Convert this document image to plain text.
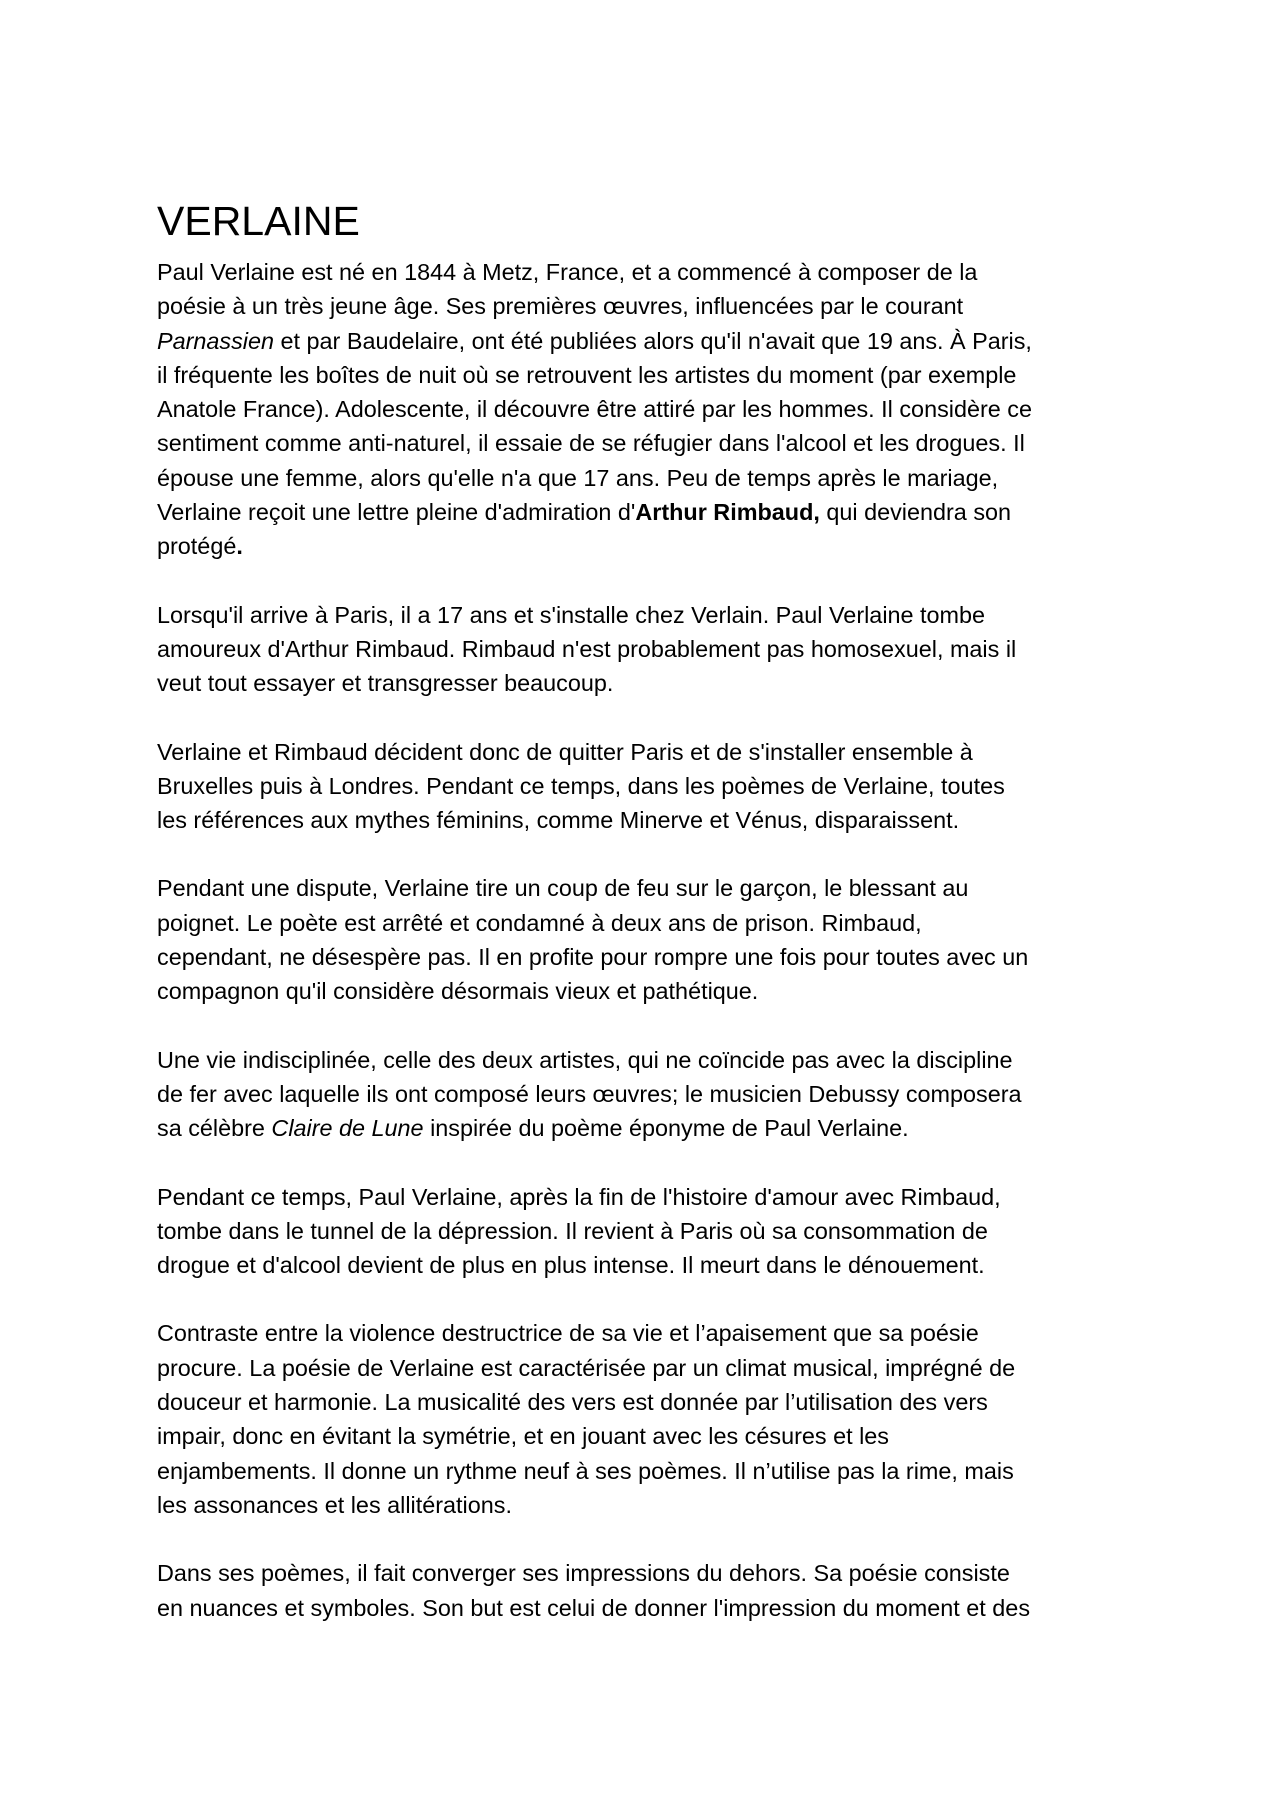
VERLAINE

Paul Verlaine est né en 1844 à Metz, France, et a commencé à composer de la
poésie à un très jeune âge. Ses premières œuvres, influencées par le courant
Parnassien et par Baudelaire, ont été publiées alors qu'il n'avait que 19 ans. À Paris,
il fréquente les boîtes de nuit où se retrouvent les artistes du moment (par exemple
Anatole France). Adolescente, il découvre être attiré par les hommes. Il considère ce
sentiment comme anti-naturel, il essaie de se réfugier dans l'alcool et les drogues. Il
épouse une femme, alors qu'elle n'a que 17 ans. Peu de temps après le mariage,
Verlaine reçoit une lettre pleine d'admiration d'Arthur Rimbaud, qui deviendra son
protégé.

Lorsqu'il arrive à Paris, il a 17 ans et s'installe chez Verlain. Paul Verlaine tombe
amoureux d'Arthur Rimbaud. Rimbaud n'est probablement pas homosexuel, mais il
veut tout essayer et transgresser beaucoup.

Verlaine et Rimbaud décident donc de quitter Paris et de s'installer ensemble à
Bruxelles puis à Londres. Pendant ce temps, dans les poèmes de Verlaine, toutes
les références aux mythes féminins, comme Minerve et Vénus, disparaissent.

Pendant une dispute, Verlaine tire un coup de feu sur le garçon, le blessant au
poignet. Le poète est arrêté et condamné à deux ans de prison. Rimbaud,
cependant, ne désespère pas. Il en profite pour rompre une fois pour toutes avec un
compagnon qu'il considère désormais vieux et pathétique.

Une vie indisciplinée, celle des deux artistes, qui ne coïncide pas avec la discipline
de fer avec laquelle ils ont composé leurs œuvres; le musicien Debussy composera
sa célèbre Claire de Lune inspirée du poème éponyme de Paul Verlaine.

Pendant ce temps, Paul Verlaine, après la fin de l'histoire d'amour avec Rimbaud,
tombe dans le tunnel de la dépression. Il revient à Paris où sa consommation de
drogue et d'alcool devient de plus en plus intense. Il meurt dans le dénouement.

Contraste entre la violence destructrice de sa vie et l’apaisement que sa poésie
procure. La poésie de Verlaine est caractérisée par un climat musical, imprégné de
douceur et harmonie. La musicalité des vers est donnée par l’utilisation des vers
impair, donc en évitant la symétrie, et en jouant avec les césures et les
enjambements. Il donne un rythme neuf à ses poèmes. Il n’utilise pas la rime, mais
les assonances et les allitérations.

Dans ses poèmes, il fait converger ses impressions du dehors. Sa poésie consiste
en nuances et symboles. Son but est celui de donner l'impression du moment et des
